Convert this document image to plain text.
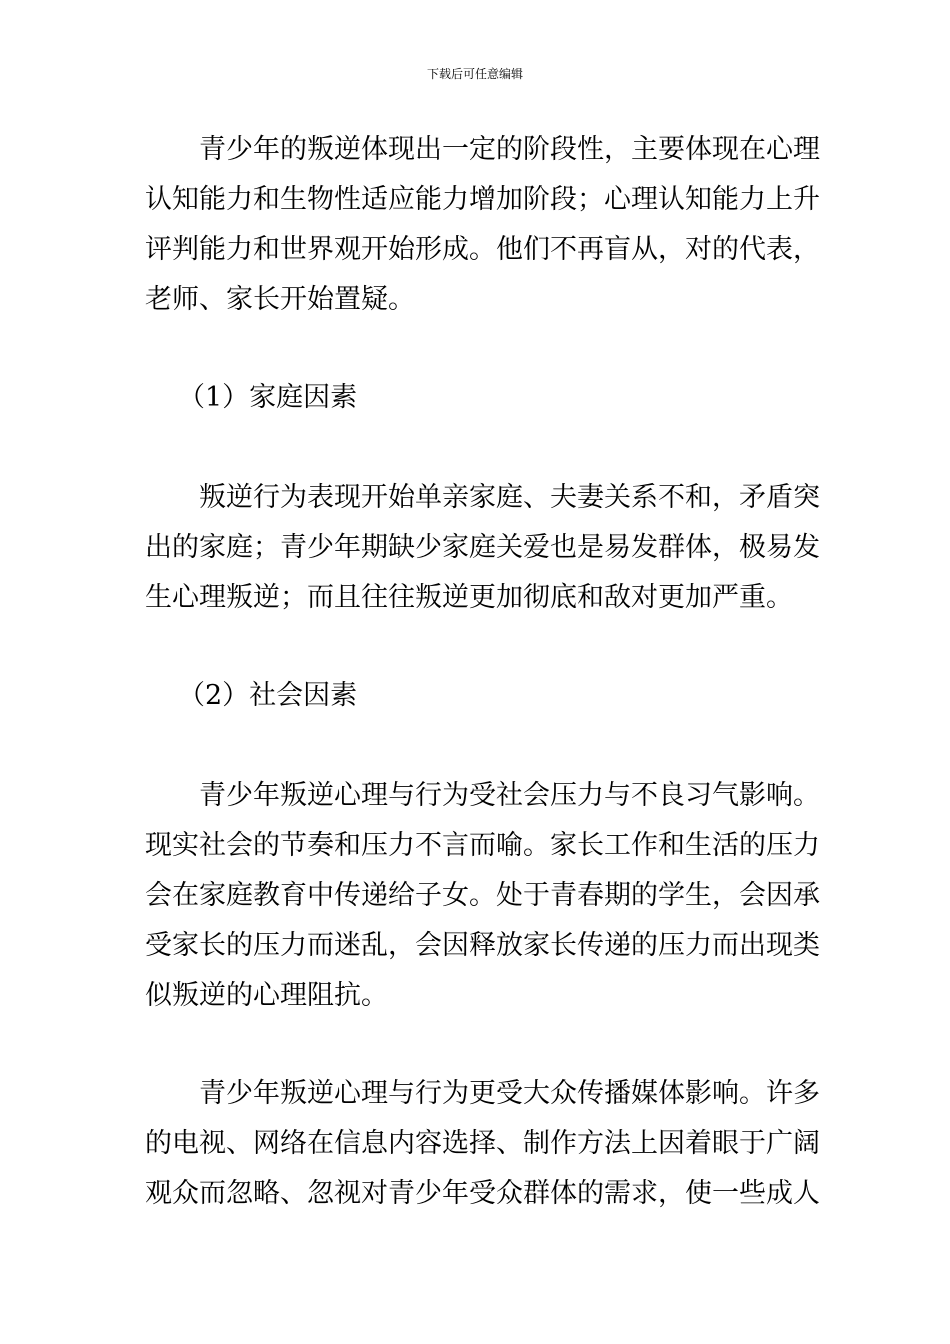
下载后可任意编辑
青少年的叛逆体现出一定的阶段性，主要体现在心理
认知能力和生物性适应能力增加阶段；心理认知能力上升
评判能力和世界观开始形成。他们不再盲从，对的代表，
老师、家长开始置疑。
（1）家庭因素
叛逆行为表现开始单亲家庭、夫妻关系不和，矛盾突
出的家庭；青少年期缺少家庭关爱也是易发群体，极易发
生心理叛逆；而且往往叛逆更加彻底和敌对更加严重。
（2）社会因素
青少年叛逆心理与行为受社会压力与不良习气影响。
现实社会的节奏和压力不言而喻。家长工作和生活的压力
会在家庭教育中传递给子女。处于青春期的学生，会因承
受家长的压力而迷乱，会因释放家长传递的压力而出现类
似叛逆的心理阻抗。
青少年叛逆心理与行为更受大众传播媒体影响。许多
的电视、网络在信息内容选择、制作方法上因着眼于广阔
观众而忽略、忽视对青少年受众群体的需求，使一些成人
